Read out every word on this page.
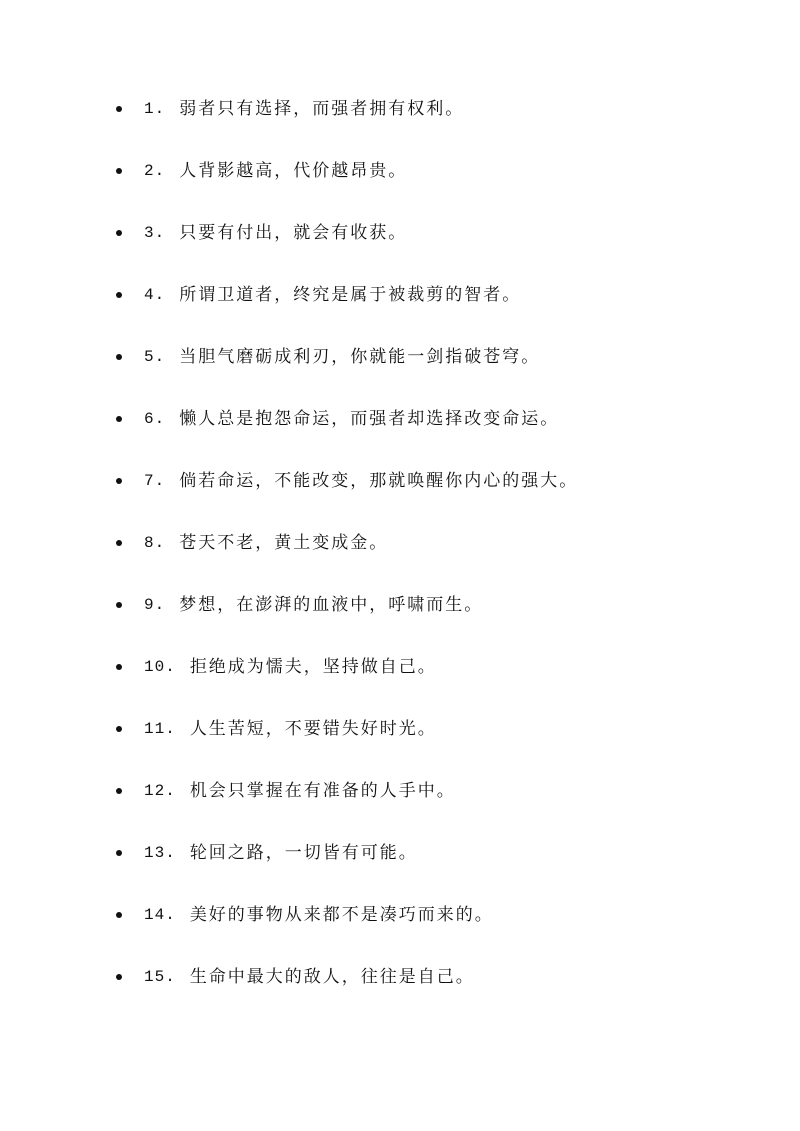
1. 弱者只有选择，而强者拥有权利。
2. 人背影越高，代价越昂贵。
3. 只要有付出，就会有收获。
4. 所谓卫道者，终究是属于被裁剪的智者。
5. 当胆气磨砺成利刃，你就能一剑指破苍穹。
6. 懒人总是抱怨命运，而强者却选择改变命运。
7. 倘若命运，不能改变，那就唤醒你内心的强大。
8. 苍天不老，黄土变成金。
9. 梦想，在澎湃的血液中，呼啸而生。
10. 拒绝成为懦夫，坚持做自己。
11. 人生苦短，不要错失好时光。
12. 机会只掌握在有准备的人手中。
13. 轮回之路，一切皆有可能。
14. 美好的事物从来都不是凑巧而来的。
15. 生命中最大的敌人，往往是自己。
